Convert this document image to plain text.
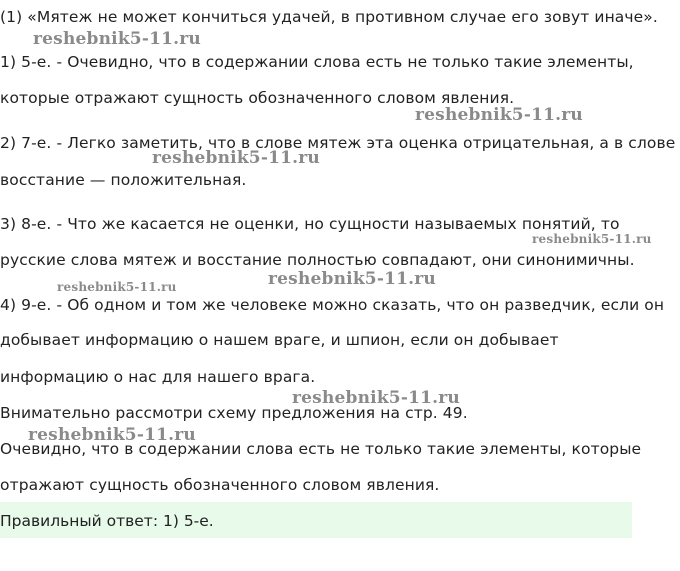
(1) «Мятеж не может кончиться удачей, в противном случае его зовут иначе».
1) 5-е. - Очевидно, что в содержании слова есть не только такие элементы,
которые отражают сущность обозначенного словом явления.
2) 7-е. - Легко заметить, что в слове мятеж эта оценка отрицательная, а в слове
восстание — положительная.
3) 8-е. - Что же касается не оценки, но сущности называемых понятий, то
русские слова мятеж и восстание полностью совпадают, они синонимичны.
4) 9-е. - Об одном и том же человеке можно сказать, что он разведчик, если он
добывает информацию о нашем враге, и шпион, если он добывает
информацию о нас для нашего врага.
Внимательно рассмотри схему предложения на стр. 49.
Очевидно, что в содержании слова есть не только такие элементы, которые
отражают сущность обозначенного словом явления.
Правильный ответ: 1) 5-е.
reshebnik5-11.ru
reshebnik5-11.ru
reshebnik5-11.ru
reshebnik5-11.ru
reshebnik5-11.ru
reshebnik5-11.ru
reshebnik5-11.ru
reshebnik5-11.ru
